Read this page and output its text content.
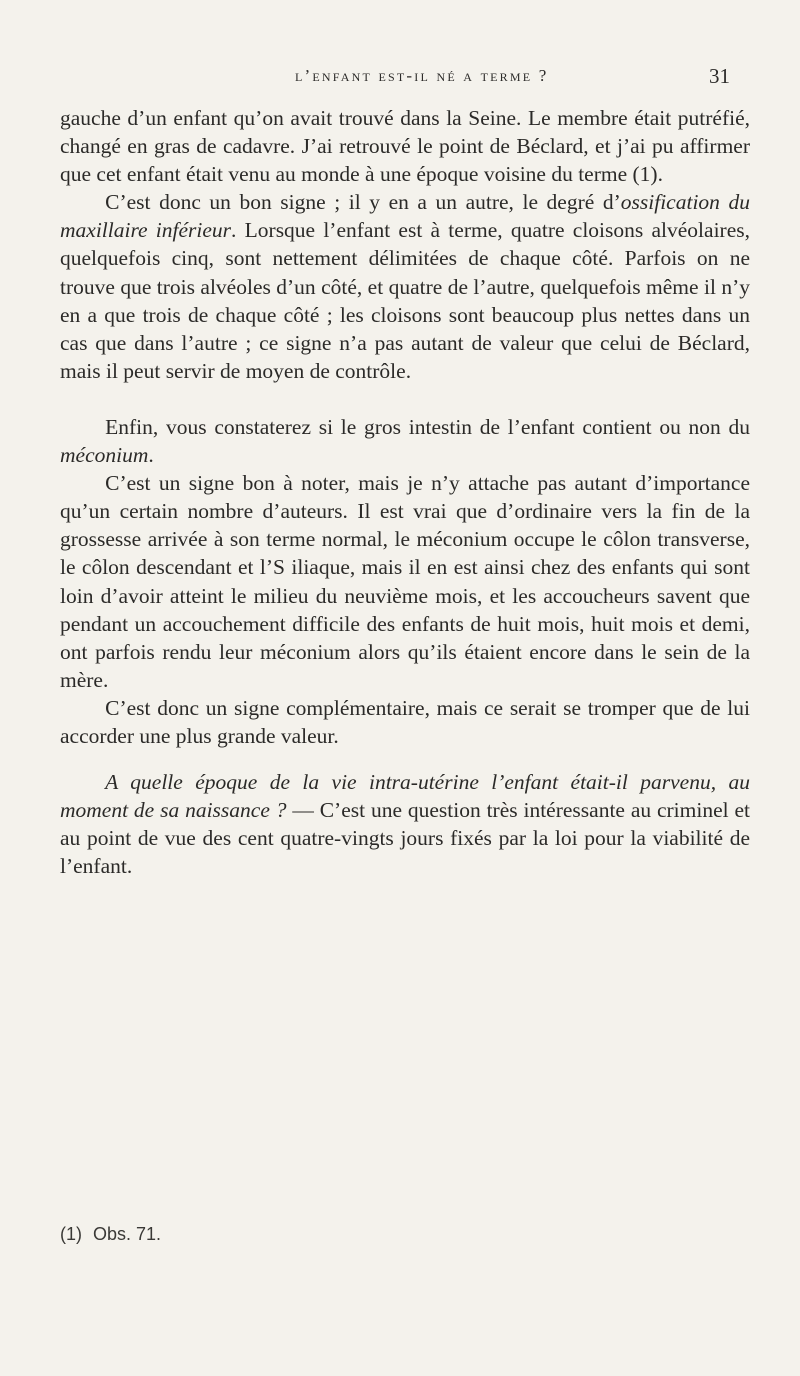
l’enfant est-il né a terme ?	31

gauche d’un enfant qu’on avait trouvé dans la Seine. Le membre était putréfié, changé en gras de cadavre. J’ai retrouvé le point de Béclard, et j’ai pu affirmer que cet enfant était venu au monde à une époque voisine du terme (1).

C’est donc un bon signe ; il y en a un autre, le degré d’ossification du maxillaire inférieur. Lorsque l’enfant est à terme, quatre cloisons alvéolaires, quelquefois cinq, sont nettement délimitées de chaque côté. Parfois on ne trouve que trois alvéoles d’un côté, et quatre de l’autre, quelquefois même il n’y en a que trois de chaque côté ; les cloisons sont beaucoup plus nettes dans un cas que dans l’autre ; ce signe n’a pas autant de valeur que celui de Béclard, mais il peut servir de moyen de contrôle.

Enfin, vous constaterez si le gros intestin de l’enfant contient ou non du méconium.

C’est un signe bon à noter, mais je n’y attache pas autant d’importance qu’un certain nombre d’auteurs. Il est vrai que d’ordinaire vers la fin de la grossesse arrivée à son terme normal, le méconium occupe le côlon transverse, le côlon descendant et l’S iliaque, mais il en est ainsi chez des enfants qui sont loin d’avoir atteint le milieu du neuvième mois, et les accoucheurs savent que pendant un accouchement difficile des enfants de huit mois, huit mois et demi, ont parfois rendu leur méconium alors qu’ils étaient encore dans le sein de la mère.

C’est donc un signe complémentaire, mais ce serait se tromper que de lui accorder une plus grande valeur.

A quelle époque de la vie intra-utérine l’enfant était-il parvenu, au moment de sa naissance ? — C’est une question très intéressante au criminel et au point de vue des cent quatre-vingts jours fixés par la loi pour la viabilité de l’enfant.

(1) Obs. 71.
